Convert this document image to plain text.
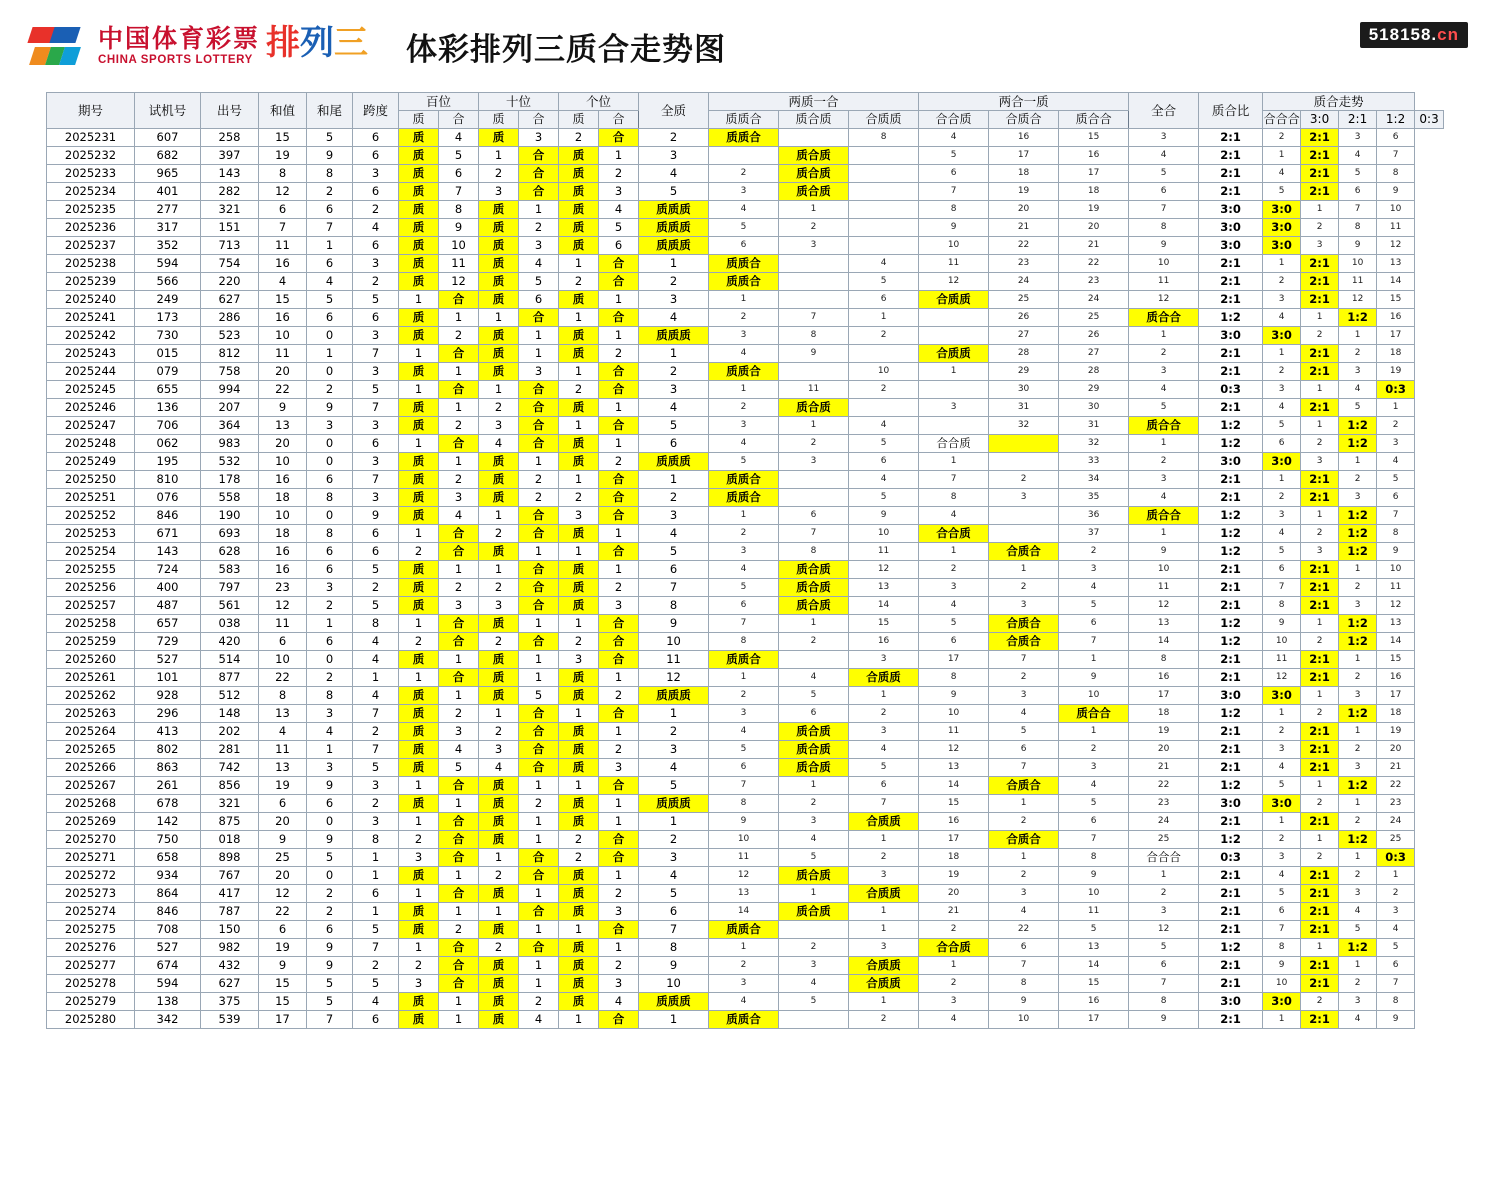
中国体育彩票
CHINA SPORTS LOTTERY 排列三 体彩排列三质合走势图	518158.cn
期号	试机号	出号	和值	和尾	跨度	百位		十位		个位		全质	两质一合			两合一质			全合	质合比	质合走势				
						质	合	质	合	质	合		质质合	质合质	合质质	合合质	合质合	质合合			合合合	3:0	2:1	1:2	0:3
2025231	607	258	15	5	6	质	4	质	3	2	合	2	质质合		8	4	16	15	3	2:1	2	2:1	3	6	
2025232	682	397	19	9	6	质	5	1	合	质	1	3		质合质		5	17	16	4	2:1	1	2:1	4	7	
2025233	965	143	8	8	3	质	6	2	合	质	2	4	2	质合质		6	18	17	5	2:1	4	2:1	5	8	
2025234	401	282	12	2	6	质	7	3	合	质	3	5	3	质合质		7	19	18	6	2:1	5	2:1	6	9	
2025235	277	321	6	6	2	质	8	质	1	质	4	质质质	4	1		8	20	19	7	3:0	3:0	1	7	10	
2025236	317	151	7	7	4	质	9	质	2	质	5	质质质	5	2		9	21	20	8	3:0	3:0	2	8	11	
2025237	352	713	11	1	6	质	10	质	3	质	6	质质质	6	3		10	22	21	9	3:0	3:0	3	9	12	
2025238	594	754	16	6	3	质	11	质	4	1	合	1	质质合		4	11	23	22	10	2:1	1	2:1	10	13	
2025239	566	220	4	4	2	质	12	质	5	2	合	2	质质合		5	12	24	23	11	2:1	2	2:1	11	14	
2025240	249	627	15	5	5	1	合	质	6	质	1	3	1		6	合质质	25	24	12	2:1	3	2:1	12	15	
2025241	173	286	16	6	6	质	1	1	合	1	合	4	2	7	1		26	25	质合合	1:2	4	1	1:2	16	
2025242	730	523	10	0	3	质	2	质	1	质	1	质质质	3	8	2		27	26	1	3:0	3:0	2	1	17	
2025243	015	812	11	1	7	1	合	质	1	质	2	1	4	9		合质质	28	27	2	2:1	1	2:1	2	18	
2025244	079	758	20	0	3	质	1	质	3	1	合	2	质质合		10	1	29	28	3	2:1	2	2:1	3	19	
2025245	655	994	22	2	5	1	合	1	合	2	合	3	1	11	2		30	29	4	0:3	3	1	4	0:3	
2025246	136	207	9	9	7	质	1	2	合	质	1	4	2	质合质		3	31	30	5	2:1	4	2:1	5	1	
2025247	706	364	13	3	3	质	2	3	合	1	合	5	3	1	4		32	31	质合合	1:2	5	1	1:2	2	
2025248	062	983	20	0	6	1	合	4	合	质	1	6	4	2	5	合合质		32	1	1:2	6	2	1:2	3	
2025249	195	532	10	0	3	质	1	质	1	质	2	质质质	5	3	6	1		33	2	3:0	3:0	3	1	4	
2025250	810	178	16	6	7	质	2	质	2	1	合	1	质质合		4	7	2	34	3	2:1	1	2:1	2	5	
2025251	076	558	18	8	3	质	3	质	2	2	合	2	质质合		5	8	3	35	4	2:1	2	2:1	3	6	
2025252	846	190	10	0	9	质	4	1	合	3	合	3	1	6	9	4		36	质合合	1:2	3	1	1:2	7	
2025253	671	693	18	8	6	1	合	2	合	质	1	4	2	7	10	合合质		37	1	1:2	4	2	1:2	8	
2025254	143	628	16	6	6	2	合	质	1	1	合	5	3	8	11	1	合质合	2	9	1:2	5	3	1:2	9	
2025255	724	583	16	6	5	质	1	1	合	质	1	6	4	质合质	12	2	1	3	10	2:1	6	2:1	1	10	
2025256	400	797	23	3	2	质	2	2	合	质	2	7	5	质合质	13	3	2	4	11	2:1	7	2:1	2	11	
2025257	487	561	12	2	5	质	3	3	合	质	3	8	6	质合质	14	4	3	5	12	2:1	8	2:1	3	12	
2025258	657	038	11	1	8	1	合	质	1	1	合	9	7	1	15	5	合质合	6	13	1:2	9	1	1:2	13	
2025259	729	420	6	6	4	2	合	2	合	2	合	10	8	2	16	6	合质合	7	14	1:2	10	2	1:2	14	
2025260	527	514	10	0	4	质	1	质	1	3	合	11	质质合		3	17	7	1	8	2:1	11	2:1	1	15	
2025261	101	877	22	2	1	1	合	质	1	质	1	12	1	4	合质质	8	2	9	16	2:1	12	2:1	2	16	
2025262	928	512	8	8	4	质	1	质	5	质	2	质质质	2	5	1	9	3	10	17	3:0	3:0	1	3	17	
2025263	296	148	13	3	7	质	2	1	合	1	合	1	3	6	2	10	4	质合合	18	1:2	1	2	1:2	18	
2025264	413	202	4	4	2	质	3	2	合	质	1	2	4	质合质	3	11	5	1	19	2:1	2	2:1	1	19	
2025265	802	281	11	1	7	质	4	3	合	质	2	3	5	质合质	4	12	6	2	20	2:1	3	2:1	2	20	
2025266	863	742	13	3	5	质	5	4	合	质	3	4	6	质合质	5	13	7	3	21	2:1	4	2:1	3	21	
2025267	261	856	19	9	3	1	合	质	1	1	合	5	7	1	6	14	合质合	4	22	1:2	5	1	1:2	22	
2025268	678	321	6	6	2	质	1	质	2	质	1	质质质	8	2	7	15	1	5	23	3:0	3:0	2	1	23	
2025269	142	875	20	0	3	1	合	质	1	质	1	1	9	3	合质质	16	2	6	24	2:1	1	2:1	2	24	
2025270	750	018	9	9	8	2	合	质	1	2	合	2	10	4	1	17	合质合	7	25	1:2	2	1	1:2	25	
2025271	658	898	25	5	1	3	合	1	合	2	合	3	11	5	2	18	1	8	合合合	0:3	3	2	1	0:3	
2025272	934	767	20	0	1	质	1	2	合	质	1	4	12	质合质	3	19	2	9	1	2:1	4	2:1	2	1	
2025273	864	417	12	2	6	1	合	质	1	质	2	5	13	1	合质质	20	3	10	2	2:1	5	2:1	3	2	
2025274	846	787	22	2	1	质	1	1	合	质	3	6	14	质合质	1	21	4	11	3	2:1	6	2:1	4	3	
2025275	708	150	6	6	5	质	2	质	1	1	合	7	质质合		1	2	22	5	12	2:1	7	2:1	5	4	
2025276	527	982	19	9	7	1	合	2	合	质	1	8	1	2	3	合合质	6	13	5	1:2	8	1	1:2	5	
2025277	674	432	9	9	2	2	合	质	1	质	2	9	2	3	合质质	1	7	14	6	2:1	9	2:1	1	6	
2025278	594	627	15	5	5	3	合	质	1	质	3	10	3	4	合质质	2	8	15	7	2:1	10	2:1	2	7	
2025279	138	375	15	5	4	质	1	质	2	质	4	质质质	4	5	1	3	9	16	8	3:0	3:0	2	3	8	
2025280	342	539	17	7	6	质	1	质	4	1	合	1	质质合		2	4	10	17	9	2:1	1	2:1	4	9	
